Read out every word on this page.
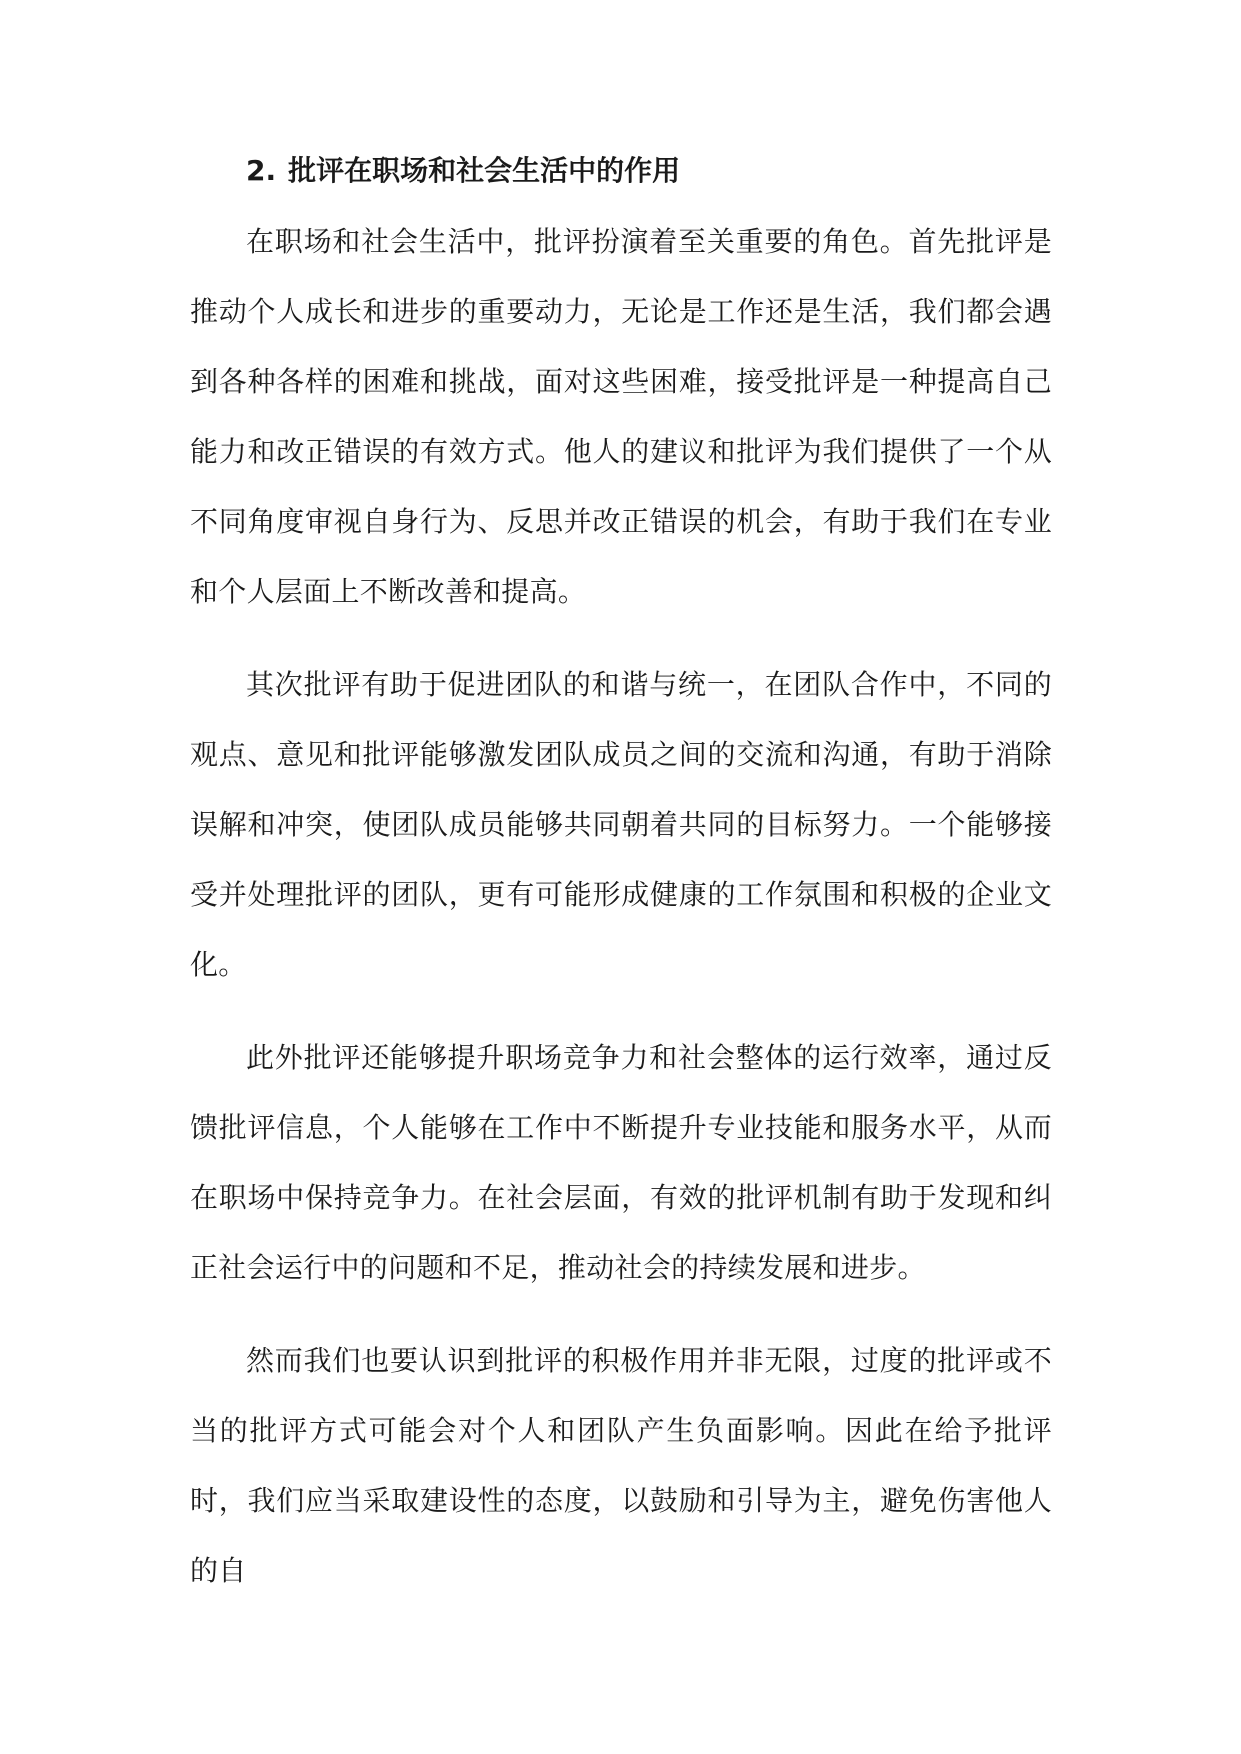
2. 批评在职场和社会生活中的作用

在职场和社会生活中，批评扮演着至关重要的角色。首先批评是推动个人成长和进步的重要动力，无论是工作还是生活，我们都会遇到各种各样的困难和挑战，面对这些困难，接受批评是一种提高自己能力和改正错误的有效方式。他人的建议和批评为我们提供了一个从不同角度审视自身行为、反思并改正错误的机会，有助于我们在专业和个人层面上不断改善和提高。

其次批评有助于促进团队的和谐与统一，在团队合作中，不同的观点、意见和批评能够激发团队成员之间的交流和沟通，有助于消除误解和冲突，使团队成员能够共同朝着共同的目标努力。一个能够接受并处理批评的团队，更有可能形成健康的工作氛围和积极的企业文化。

此外批评还能够提升职场竞争力和社会整体的运行效率，通过反馈批评信息，个人能够在工作中不断提升专业技能和服务水平，从而在职场中保持竞争力。在社会层面，有效的批评机制有助于发现和纠正社会运行中的问题和不足，推动社会的持续发展和进步。

然而我们也要认识到批评的积极作用并非无限，过度的批评或不当的批评方式可能会对个人和团队产生负面影响。因此在给予批评时，我们应当采取建设性的态度，以鼓励和引导为主，避免伤害他人的自
